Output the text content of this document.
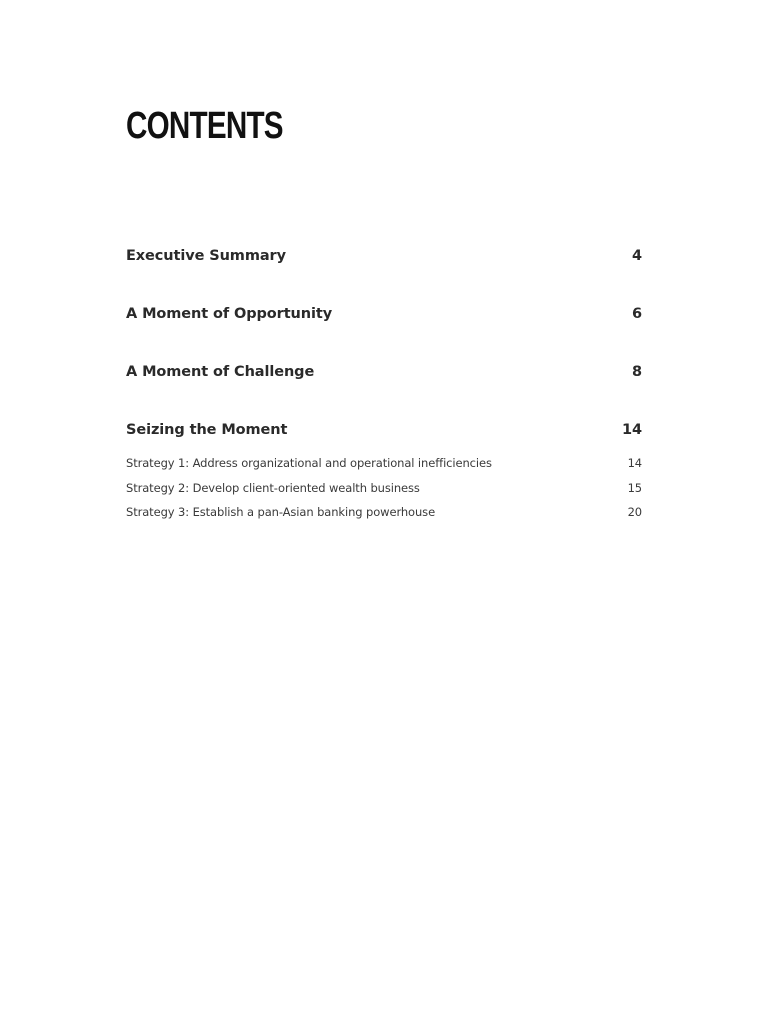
CONTENTS
Executive Summary	4
A Moment of Opportunity	6
A Moment of Challenge	8
Seizing the Moment	14
Strategy 1: Address organizational and operational inefficiencies	14
Strategy 2: Develop client-oriented wealth business	15
Strategy 3: Establish a pan-Asian banking powerhouse	20
